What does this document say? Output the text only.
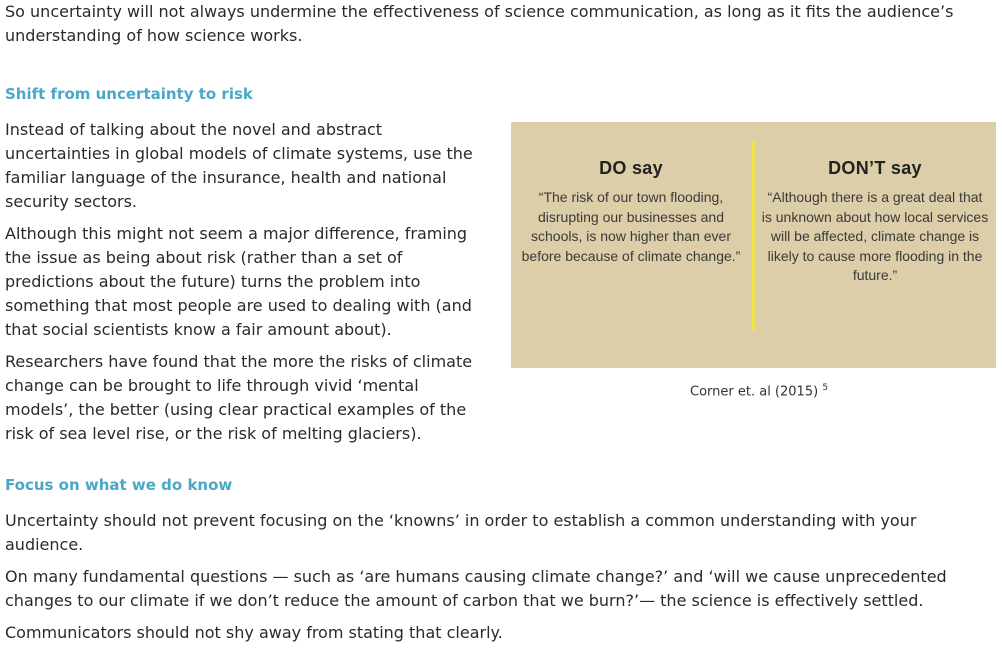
So uncertainty will not always undermine the effectiveness of science communication, as long as it fits the audience’s understanding of how science works.

Shift from uncertainty to risk

Instead of talking about the novel and abstract uncertainties in global models of climate systems, use the familiar language of the insurance, health and national security sectors.

Although this might not seem a major difference, framing the issue as being about risk (rather than a set of predictions about the future) turns the problem into something that most people are used to dealing with (and that social scientists know a fair amount about).

Researchers have found that the more the risks of climate change can be brought to life through vivid ‘mental models’, the better (using clear practical examples of the risk of sea level rise, or the risk of melting glaciers).

DO say
“The risk of our town flooding, disrupting our businesses and schools, is now higher than ever before because of climate change.”
DON’T say
“Although there is a great deal that is unknown about how local services will be affected, climate change is likely to cause more flooding in the future.”
Corner et. al (2015) $^5$
Focus on what we do know

Uncertainty should not prevent focusing on the ‘knowns’ in order to establish a common understanding with your audience.

On many fundamental questions — such as ‘are humans causing climate change?’ and ‘will we cause unprecedented changes to our climate if we don’t reduce the amount of carbon that we burn?’— the science is effectively settled.

Communicators should not shy away from stating that clearly.
